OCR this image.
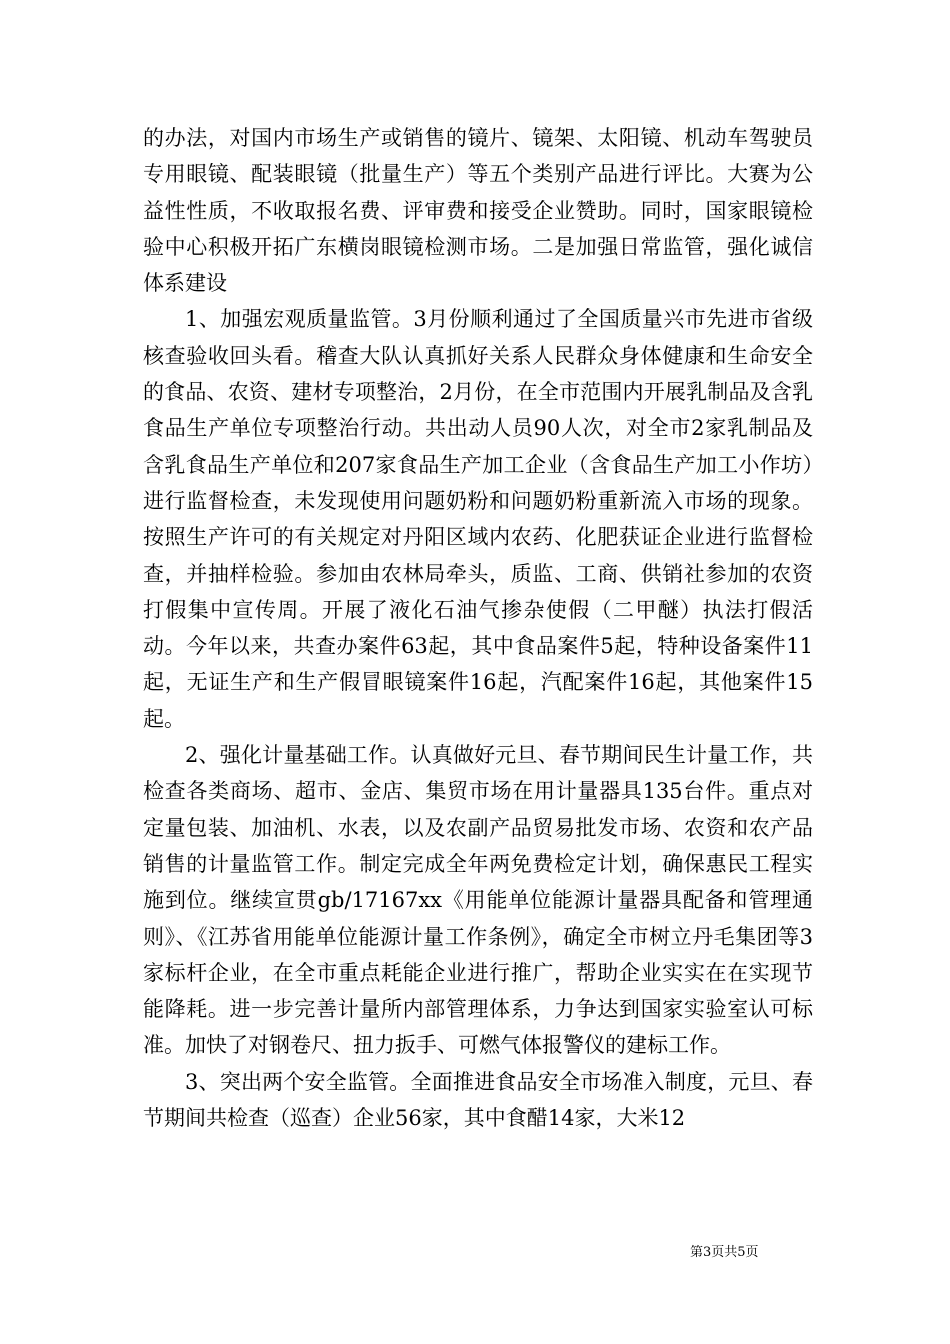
的办法，对国内市场生产或销售的镜片、镜架、太阳镜、机动车驾驶员专用眼镜、配装眼镜（批量生产）等五个类别产品进行评比。大赛为公益性性质，不收取报名费、评审费和接受企业赞助。同时，国家眼镜检验中心积极开拓广东横岗眼镜检测市场。二是加强日常监管，强化诚信体系建设

1、加强宏观质量监管。3月份顺利通过了全国质量兴市先进市省级核查验收回头看。稽查大队认真抓好关系人民群众身体健康和生命安全的食品、农资、建材专项整治，2月份，在全市范围内开展乳制品及含乳食品生产单位专项整治行动。共出动人员90人次，对全市2家乳制品及含乳食品生产单位和207家食品生产加工企业（含食品生产加工小作坊）进行监督检查，未发现使用问题奶粉和问题奶粉重新流入市场的现象。按照生产许可的有关规定对丹阳区域内农药、化肥获证企业进行监督检查，并抽样检验。参加由农林局牵头，质监、工商、供销社参加的农资打假集中宣传周。开展了液化石油气掺杂使假（二甲醚）执法打假活动。今年以来，共查办案件63起，其中食品案件5起，特种设备案件11起，无证生产和生产假冒眼镜案件16起，汽配案件16起，其他案件15起。

2、强化计量基础工作。认真做好元旦、春节期间民生计量工作，共检查各类商场、超市、金店、集贸市场在用计量器具135台件。重点对定量包装、加油机、水表，以及农副产品贸易批发市场、农资和农产品销售的计量监管工作。制定完成全年两免费检定计划，确保惠民工程实施到位。继续宣贯gb/17167xx《用能单位能源计量器具配备和管理通则》、《江苏省用能单位能源计量工作条例》，确定全市树立丹毛集团等3家标杆企业，在全市重点耗能企业进行推广，帮助企业实实在在实现节能降耗。进一步完善计量所内部管理体系，力争达到国家实验室认可标准。加快了对钢卷尺、扭力扳手、可燃气体报警仪的建标工作。

3、突出两个安全监管。全面推进食品安全市场准入制度，元旦、春节期间共检查（巡查）企业56家，其中食醋14家，大米12

第3页共5页
